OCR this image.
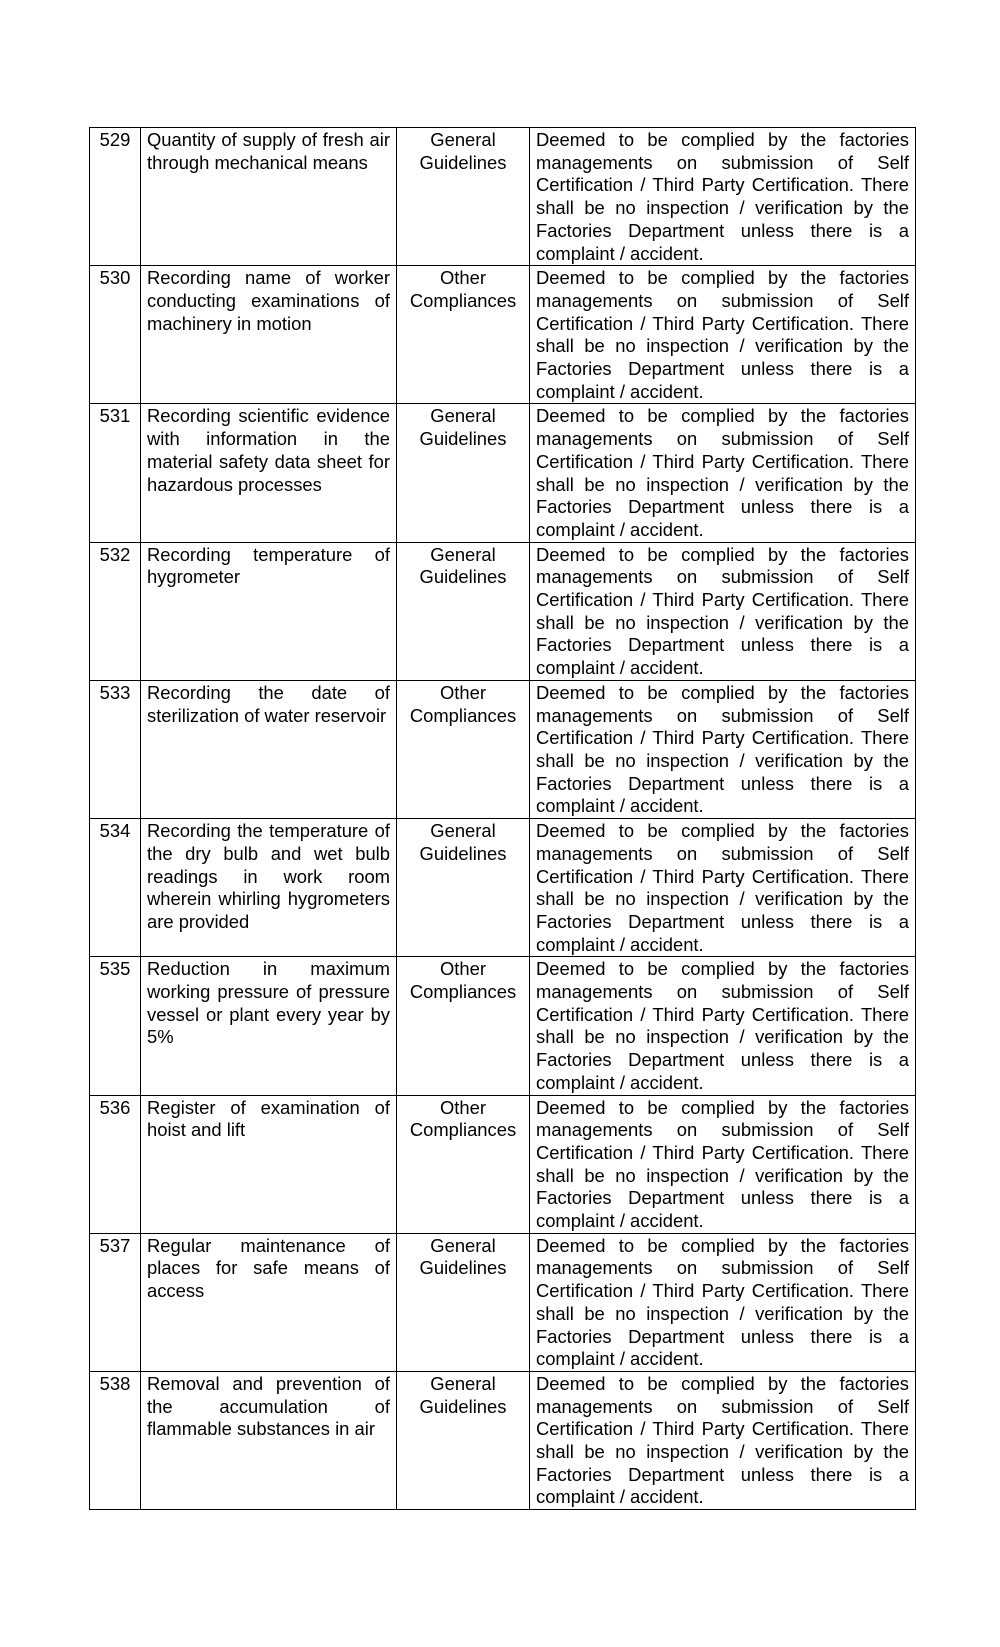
529	Quantity of supply of fresh air through mechanical means	General Guidelines	Deemed to be complied by the factories managements on submission of Self Certification / Third Party Certification. There shall be no inspection / verification by the Factories Department unless there is a complaint / accident.
530	Recording name of worker conducting examinations of machinery in motion	Other Compliances	Deemed to be complied by the factories managements on submission of Self Certification / Third Party Certification. There shall be no inspection / verification by the Factories Department unless there is a complaint / accident.
531	Recording scientific evidence with information in the material safety data sheet for hazardous processes	General Guidelines	Deemed to be complied by the factories managements on submission of Self Certification / Third Party Certification. There shall be no inspection / verification by the Factories Department unless there is a complaint / accident.
532	Recording temperature of hygrometer	General Guidelines	Deemed to be complied by the factories managements on submission of Self Certification / Third Party Certification. There shall be no inspection / verification by the Factories Department unless there is a complaint / accident.
533	Recording the date of sterilization of water reservoir	Other Compliances	Deemed to be complied by the factories managements on submission of Self Certification / Third Party Certification. There shall be no inspection / verification by the Factories Department unless there is a complaint / accident.
534	Recording the temperature of the dry bulb and wet bulb readings in work room wherein whirling hygrometers are provided	General Guidelines	Deemed to be complied by the factories managements on submission of Self Certification / Third Party Certification. There shall be no inspection / verification by the Factories Department unless there is a complaint / accident.
535	Reduction in maximum working pressure of pressure vessel or plant every year by 5%	Other Compliances	Deemed to be complied by the factories managements on submission of Self Certification / Third Party Certification. There shall be no inspection / verification by the Factories Department unless there is a complaint / accident.
536	Register of examination of hoist and lift	Other Compliances	Deemed to be complied by the factories managements on submission of Self Certification / Third Party Certification. There shall be no inspection / verification by the Factories Department unless there is a complaint / accident.
537	Regular maintenance of places for safe means of access	General Guidelines	Deemed to be complied by the factories managements on submission of Self Certification / Third Party Certification. There shall be no inspection / verification by the Factories Department unless there is a complaint / accident.
538	Removal and prevention of the accumulation of flammable substances in air	General Guidelines	Deemed to be complied by the factories managements on submission of Self Certification / Third Party Certification. There shall be no inspection / verification by the Factories Department unless there is a complaint / accident.
